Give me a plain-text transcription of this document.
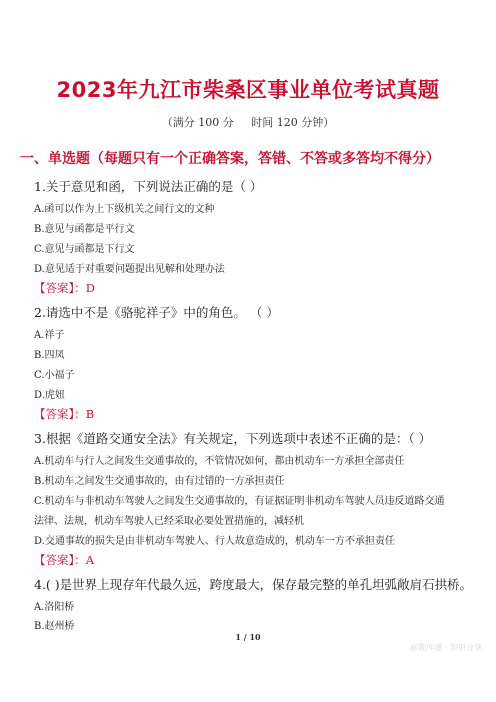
2023年九江市柴桑区事业单位考试真题
（满分 100 分     时间 120 分钟）
一、单选题（每题只有一个正确答案，答错、不答或多答均不得分）
1.关于意见和函，下列说法正确的是（ ）
A.函可以作为上下级机关之间行文的文种
B.意见与函都是平行文
C.意见与函都是下行文
D.意见适于对重要问题提出见解和处理办法
【答案】：D
2.请选中不是《骆驼祥子》中的角色。 （ ）
A.祥子
B.四凤
C.小福子
D.虎妞
【答案】：B
3.根据《道路交通安全法》有关规定，下列选项中表述不正确的是：（ ）
A.机动车与行人之间发生交通事故的，不管情况如何，都由机动车一方承担全部责任
B.机动车之间发生交通事故的，由有过错的一方承担责任
C.机动车与非机动车驾驶人之间发生交通事故的，有证据证明非机动车驾驶人员违反道路交通
法律、法规，机动车驾驶人已经采取必要处置措施的，减轻机
D.交通事故的损失是由非机动车驾驶人、行人故意造成的，机动车一方不承担责任
【答案】：A
4.( )是世界上现存年代最久远，跨度最大，保存最完整的单孔坦弧敞肩石拱桥。
A.洛阳桥
B.赵州桥
1 / 10
@题库通 · 知识分享
